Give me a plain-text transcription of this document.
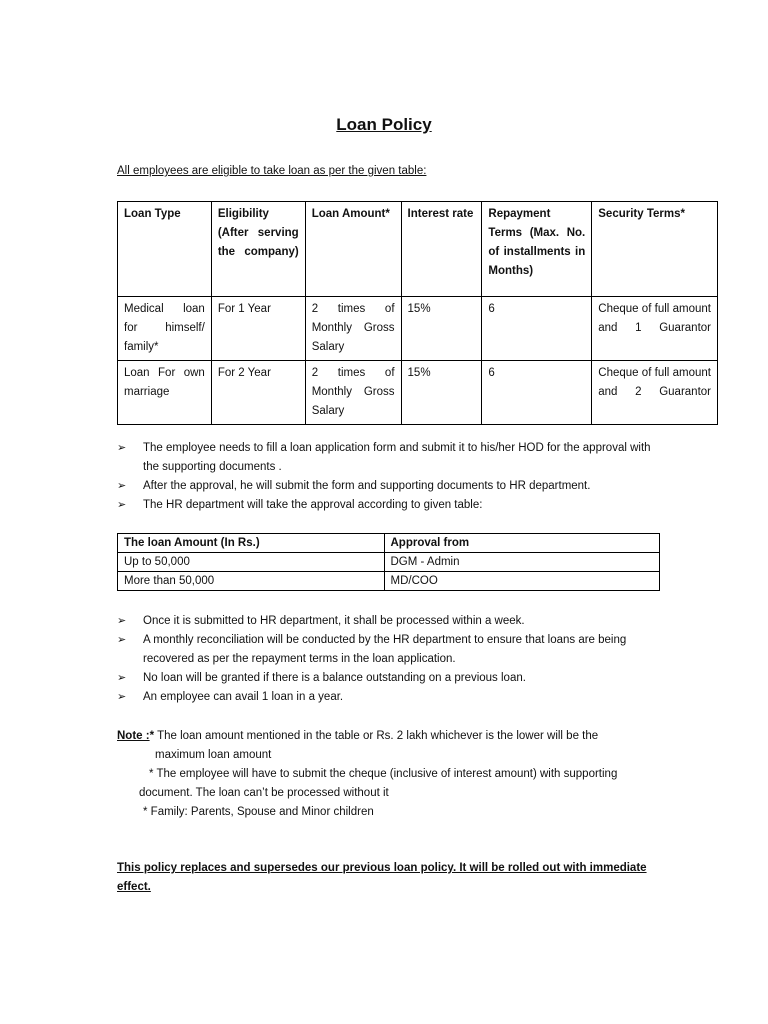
Loan Policy
All employees are eligible to take loan as per the given table:
Loan Type	Eligibility (After serving the company)	Loan Amount*	Interest rate	Repayment Terms (Max. No. of installments in Months)	Security Terms*
Medical loan for himself/ family*	For 1 Year	2 times of Monthly Gross Salary	15%	6	Cheque of full amount and 1 Guarantor
Loan For own marriage	For 2 Year	2 times of Monthly Gross Salary	15%	6	Cheque of full amount and 2 Guarantor
➢ The employee needs to fill a loan application form and submit it to his/her HOD for the approval with the supporting documents .
➢ After the approval, he will submit the form and supporting documents to HR department.
➢ The HR department will take the approval according to given table:
The loan Amount (In Rs.)	Approval from
Up to 50,000	DGM - Admin
More than 50,000	MD/COO
➢ Once it is submitted to HR department, it shall be processed within a week.
➢ A monthly reconciliation will be conducted by the HR department to ensure that loans are being recovered as per the repayment terms in the loan application.
➢ No loan will be granted if there is a balance outstanding on a previous loan.
➢ An employee can avail 1 loan in a year.

Note :* The loan amount mentioned in the table or Rs. 2 lakh whichever is the lower will be the

maximum loan amount

* The employee will have to submit the cheque (inclusive of interest amount) with supporting

document. The loan can’t be processed without it

* Family: Parents, Spouse and Minor children

This policy replaces and supersedes our previous loan policy. It will be rolled out with immediate effect.
